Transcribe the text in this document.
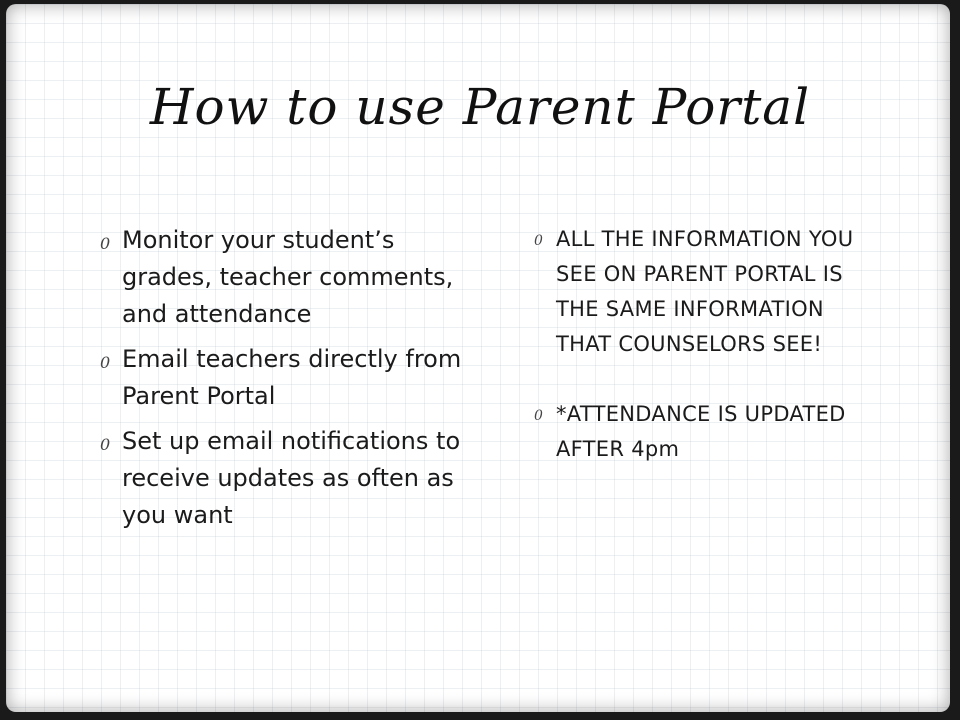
How to use Parent Portal
0 Monitor your student’s grades, teacher comments, and attendance
0 Email teachers directly from Parent Portal
0 Set up email notifications to receive updates as often as you want
0 ALL THE INFORMATION YOU SEE ON PARENT PORTAL IS THE SAME INFORMATION THAT COUNSELORS SEE!
0 *ATTENDANCE IS UPDATED AFTER 4pm
